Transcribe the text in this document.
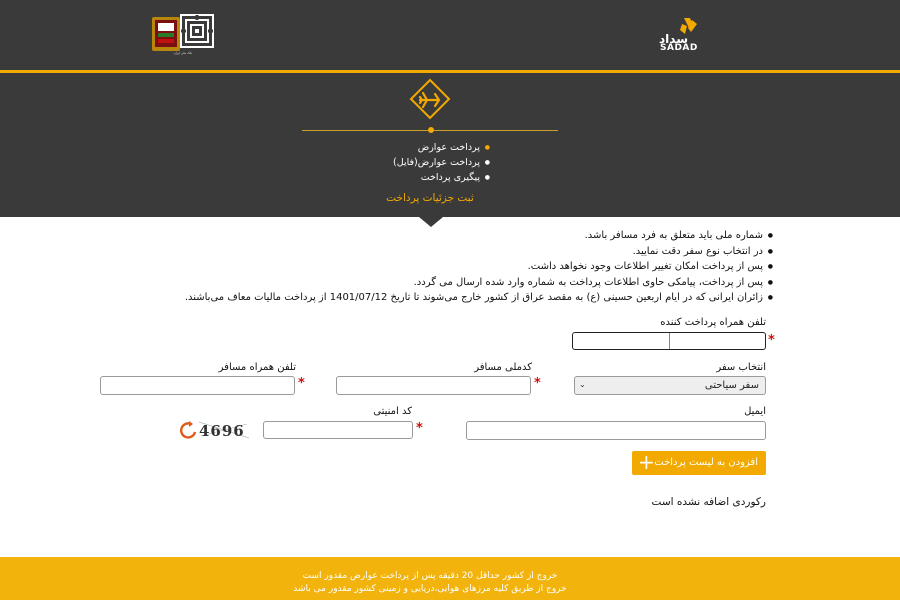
بانک ملی ایران
سداد
SADAD
● پرداخت عوارض
● پرداخت عوارض(فایل)
● پیگیری پرداخت
ثبت جزئیات پرداخت
● شماره ملی باید متعلق به فرد مسافر باشد.
● در انتخاب نوع سفر دقت نمایید.
● پس از پرداخت امکان تغییر اطلاعات وجود نخواهد داشت.
● پس از پرداخت، پیامکی حاوی اطلاعات پرداخت به شماره وارد شده ارسال می گردد.
● زائران ایرانی که در ایام اربعین حسینی (ع) به مقصد عراق از کشور خارج می‌شوند تا تاریخ 1401/07/12 از پرداخت مالیات معاف می‌باشند.
تلفن همراه پرداخت کننده
*
انتخاب سفر
کدملی مسافر
تلفن همراه مسافر
سفر سیاحتی
⌄
*
*
ایمیل
کد امنیتی
*
4696
+ افزودن به لیست پرداخت
رکوردی اضافه نشده است

خروج از کشور حداقل 20 دقیقه پس از پرداخت عوارض مقدور است

خروج از طریق کلیه مرزهای هوایی،دریایی و زمینی کشور مقدور می باشد
